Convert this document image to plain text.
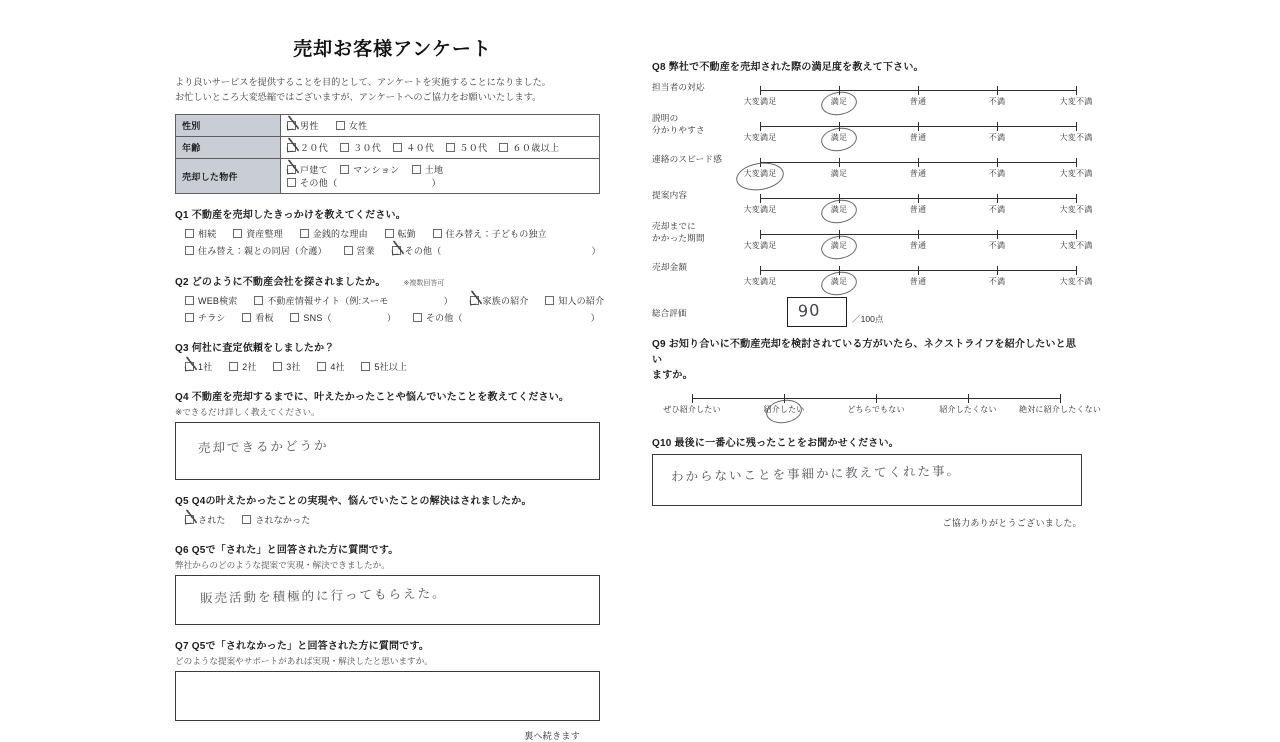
売却お客様アンケート
より良いサービスを提供することを目的として、アンケートを実施することになりました。
お忙しいところ大変恐縮ではございますが、アンケートへのご協力をお願いいたします。
性別	男性 女性
年齢	２０代 ３０代 ４０代 ５０代 ６０歳以上
売却した物件	戸建て マンション 土地 その他（　　　　　　　　　　）
Q1 不動産を売却したきっかけを教えてください。
相続	資産整理	金銭的な理由	転勤	住み替え：子どもの独立
住み替え：親との同居（介護）	営業	その他（	）
Q2 どのように不動産会社を探されましたか。	※複数回答可
WEB検索	不動産情報サイト（例:スーモ　　　　　　）	家族の紹介	知人の紹介
チラシ	看板	SNS（　　　　　　）	その他（	）
Q3 何社に査定依頼をしましたか？
1社	2社	3社	4社	5社以上
Q4 不動産を売却するまでに、叶えたかったことや悩んでいたことを教えてください。
※できるだけ詳しく教えてください。
売却できるかどうか
Q5 Q4の叶えたかったことの実現や、悩んでいたことの解決はされましたか。
された	されなかった
Q6 Q5で「された」と回答された方に質問です。
弊社からのどのような提案で実現・解決できましたか。
販売活動を積極的に行ってもらえた。
Q7 Q5で「されなかった」と回答された方に質問です。
どのような提案やサポートがあれば実現・解決したと思いますか。
裏へ続きます
Q8 弊社で不動産を売却された際の満足度を教えて下さい。
担当者の対応
大変満足	満足	普通	不満	大変不満
説明の
分かりやすさ
大変満足	満足	普通	不満	大変不満
連絡のスピード感
大変満足	満足	普通	不満	大変不満
提案内容
大変満足	満足	普通	不満	大変不満
売却までに
かかった期間
大変満足	満足	普通	不満	大変不満
売却金額
大変満足	満足	普通	不満	大変不満
総合評価	90	／100点
Q9 お知り合いに不動産売却を検討されている方がいたら、ネクストライフを紹介したいと思い
ますか。
ぜひ紹介したい	紹介したい	どちらでもない	紹介したくない	絶対に紹介したくない
Q10 最後に一番心に残ったことをお聞かせください。
わからないことを事細かに教えてくれた事。
ご協力ありがとうございました。
